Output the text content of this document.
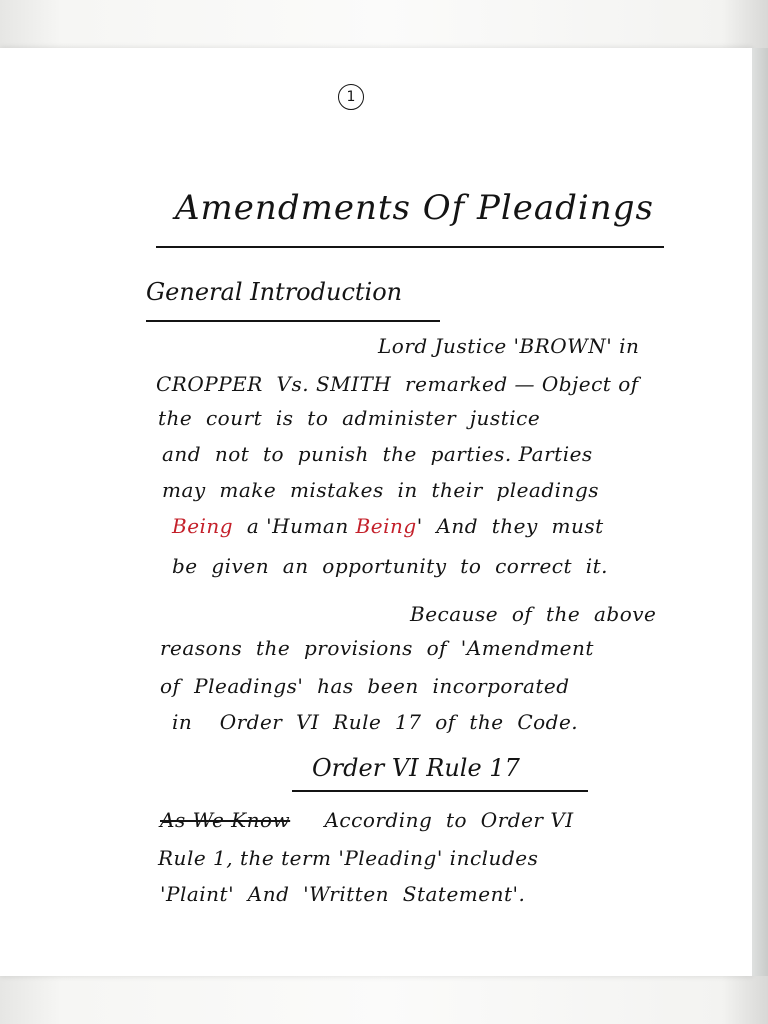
1
Amendments Of Pleadings
General Introduction
Lord Justice 'BROWN' in
CROPPER  Vs. SMITH  remarked — Object of
the  court  is  to  administer  justice
and  not  to  punish  the  parties. Parties
may  make  mistakes  in  their  pleadings
Being a 'Human Being'  And  they  must
be  given  an  opportunity  to  correct  it.
Because  of  the  above
reasons  the  provisions  of  'Amendment
of  Pleadings'  has  been  incorporated
in    Order  VI  Rule  17  of  the  Code.
Order VI Rule 17
As We Know According  to  Order VI
Rule 1, the term 'Pleading' includes
'Plaint'  And  'Written  Statement'.
